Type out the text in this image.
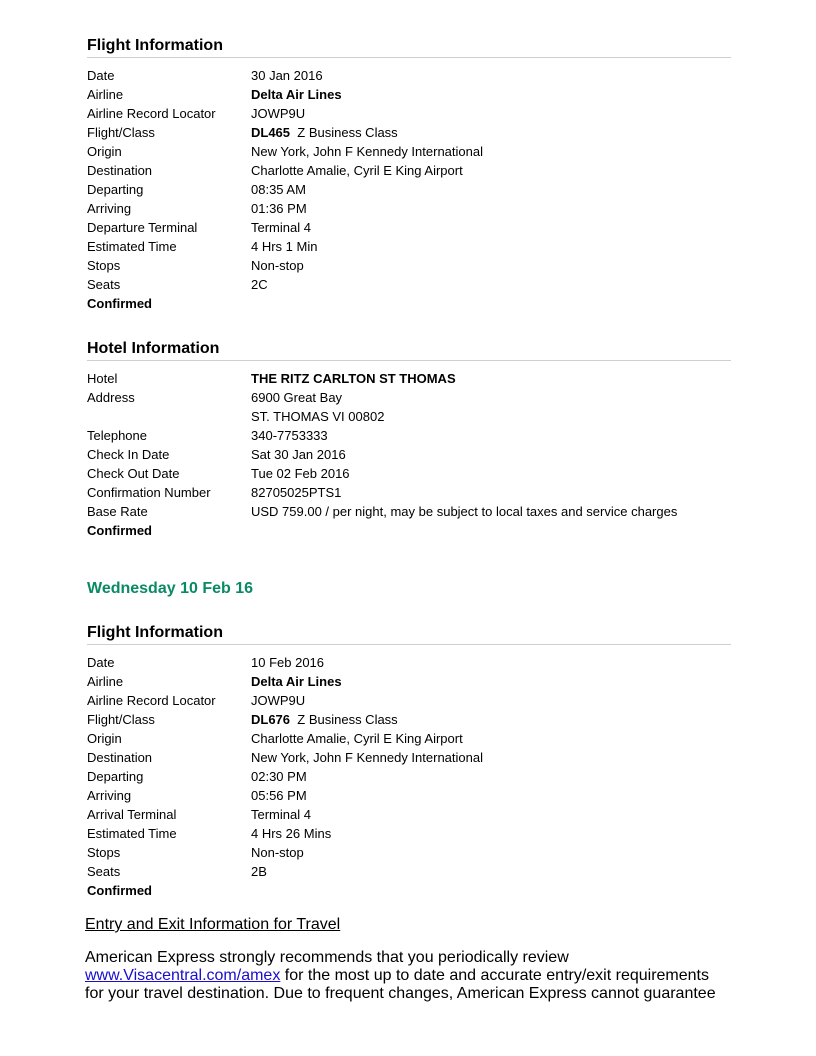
Flight Information
Date	30 Jan 2016
Airline	Delta Air Lines
Airline Record Locator	JOWP9U
Flight/Class	DL465 Z Business Class
Origin	New York, John F Kennedy International
Destination	Charlotte Amalie, Cyril E King Airport
Departing	08:35 AM
Arriving	01:36 PM
Departure Terminal	Terminal 4
Estimated Time	4 Hrs 1 Min
Stops	Non-stop
Seats	2C
Confirmed
Hotel Information
Hotel	THE RITZ CARLTON ST THOMAS
Address	6900 Great Bay
ST. THOMAS VI 00802
Telephone	340-7753333
Check In Date	Sat 30 Jan 2016
Check Out Date	Tue 02 Feb 2016
Confirmation Number	82705025PTS1
Base Rate	USD 759.00 / per night, may be subject to local taxes and service charges
Confirmed
Wednesday 10 Feb 16
Flight Information
Date	10 Feb 2016
Airline	Delta Air Lines
Airline Record Locator	JOWP9U
Flight/Class	DL676 Z Business Class
Origin	Charlotte Amalie, Cyril E King Airport
Destination	New York, John F Kennedy International
Departing	02:30 PM
Arriving	05:56 PM
Arrival Terminal	Terminal 4
Estimated Time	4 Hrs 26 Mins
Stops	Non-stop
Seats	2B
Confirmed
Entry and Exit Information for Travel
American Express strongly recommends that you periodically review
www.Visacentral.com/amex for the most up to date and accurate entry/exit requirements
for your travel destination. Due to frequent changes, American Express cannot guarantee
